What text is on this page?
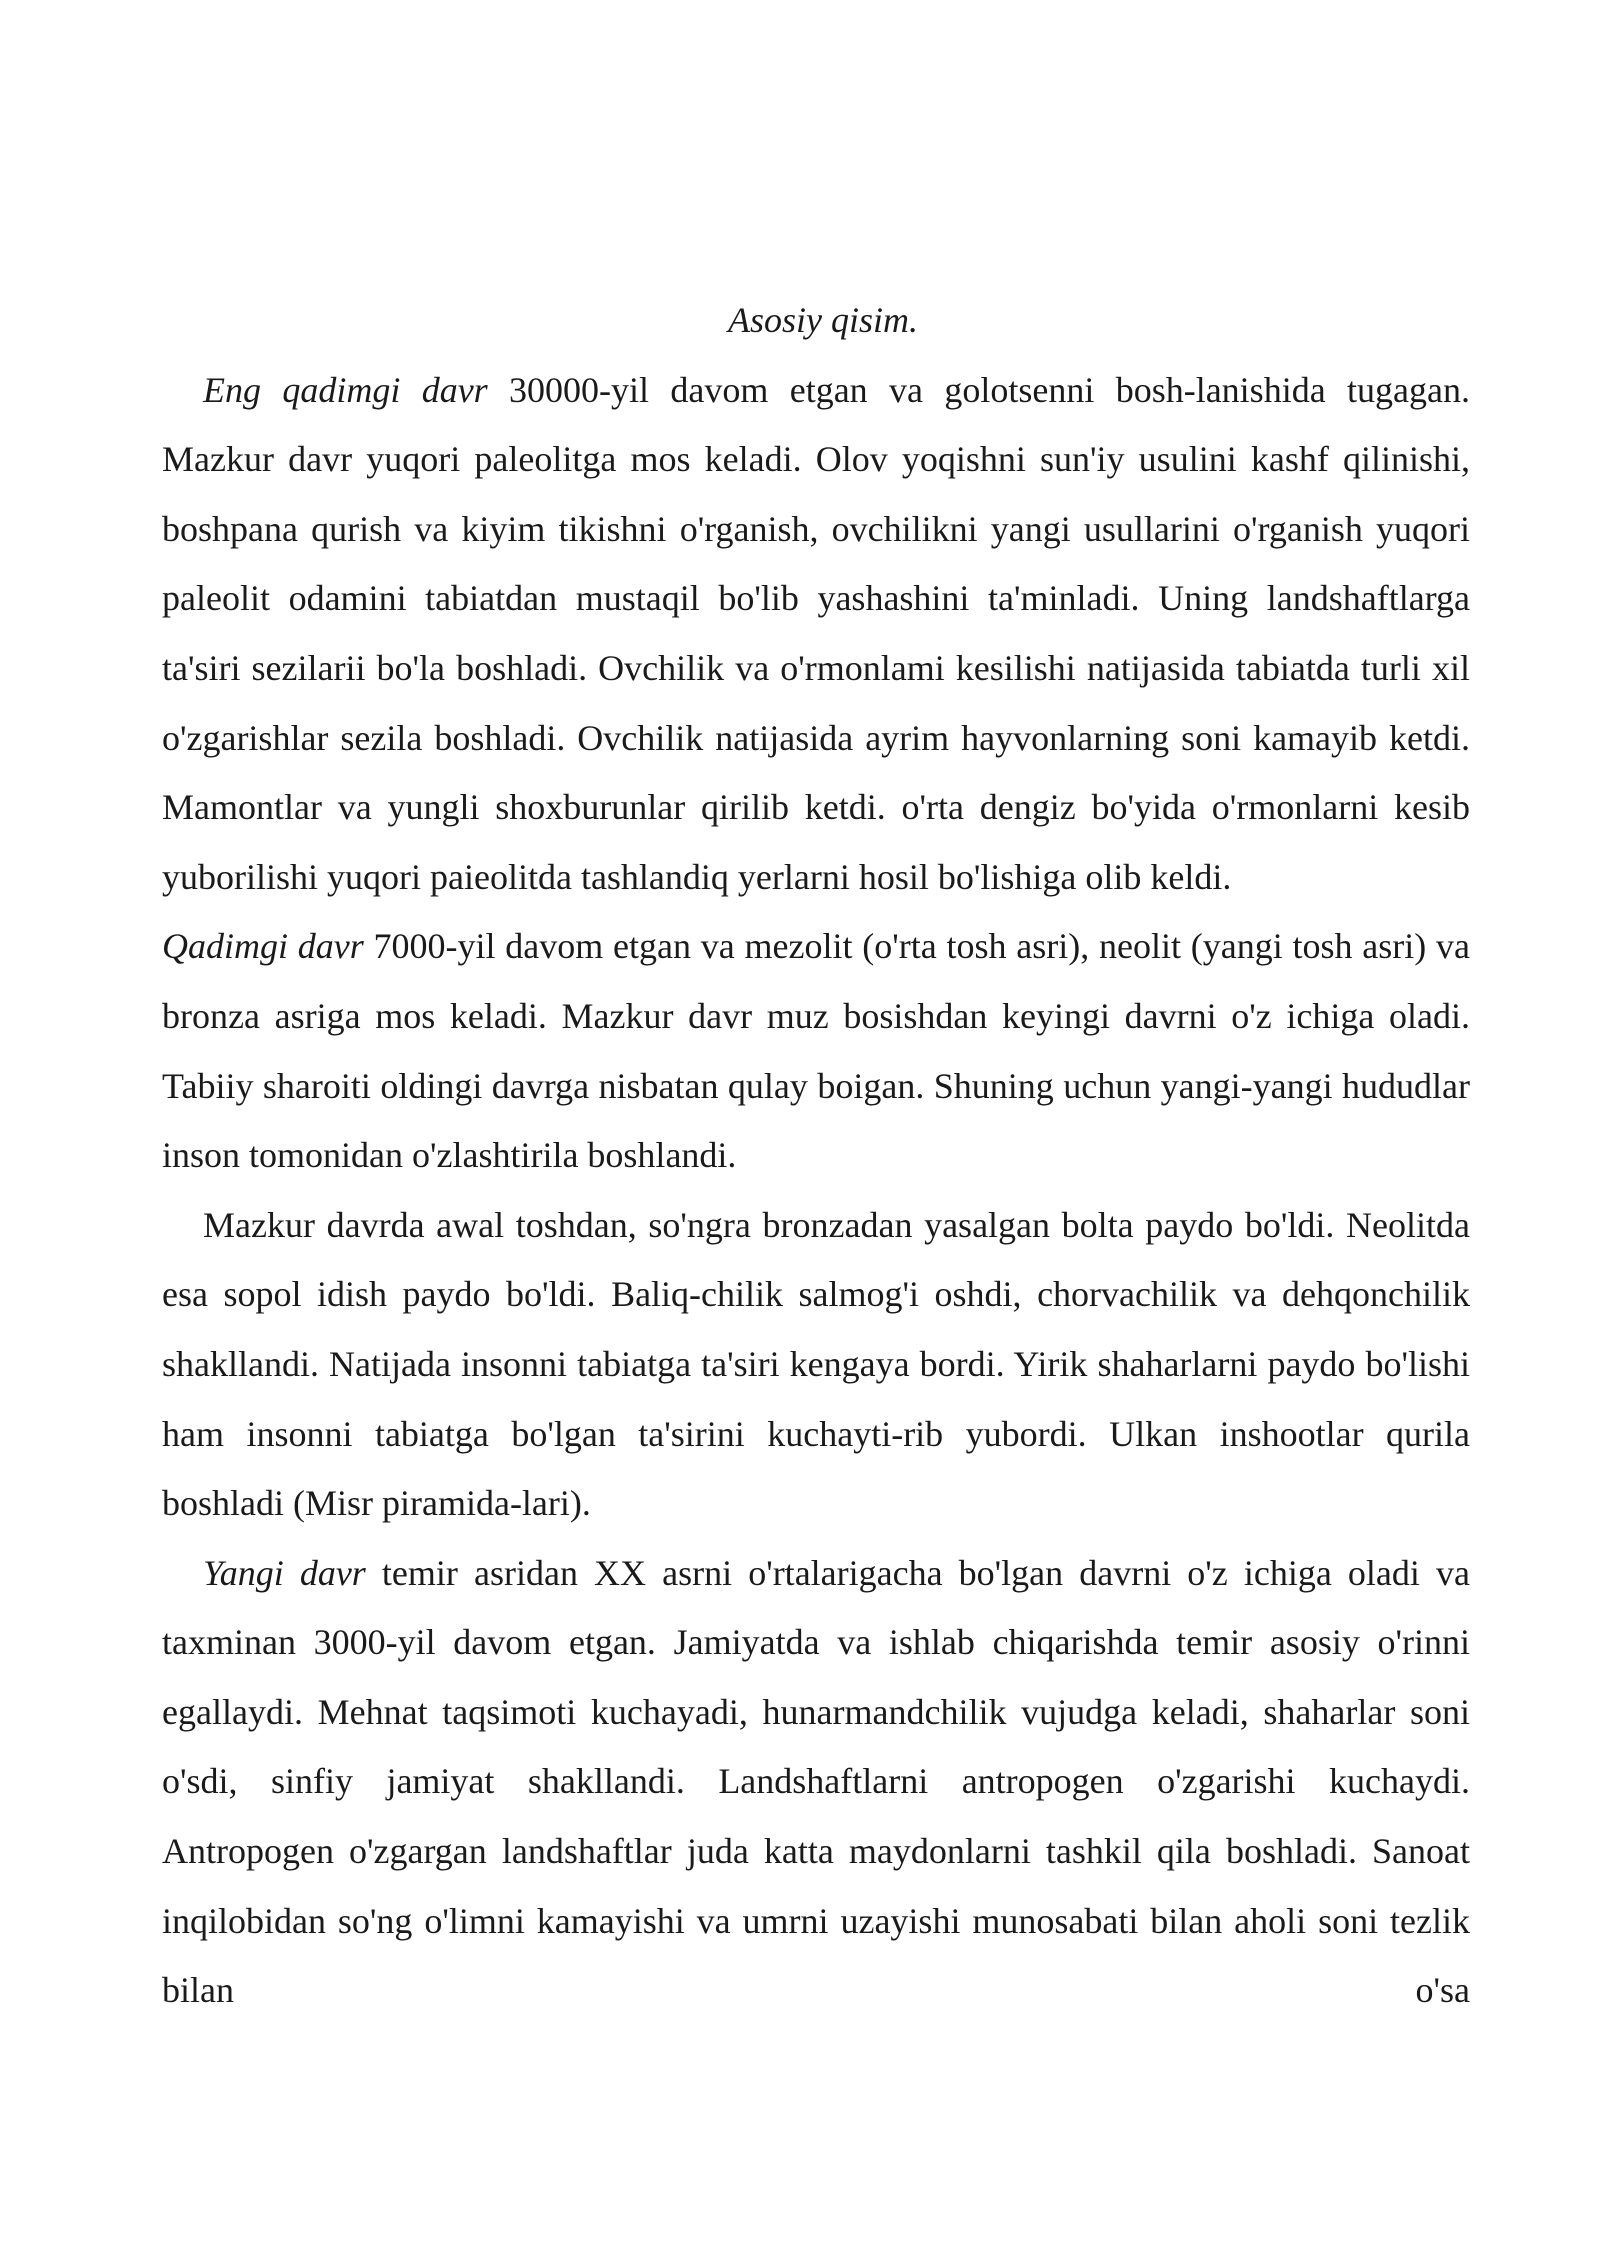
Asosiy qisim.

Eng qadimgi davr 30000-yil davom etgan va golotsenni bosh-lanishida tugagan. Mazkur davr yuqori paleolitga mos keladi. Olov yoqishni sun'iy usulini kashf qilinishi, boshpana qurish va kiyim tikishni o'rganish, ovchilikni yangi usullarini o'rganish yuqori paleolit odamini tabiatdan mustaqil bo'lib yashashini ta'minladi. Uning landshaftlarga ta'siri sezilarii bo'la boshladi. Ovchilik va o'rmonlami kesilishi natijasida tabiatda turli xil o'zgarishlar sezila boshladi. Ovchilik natijasida ayrim hayvonlarning soni kamayib ketdi. Mamontlar va yungli shoxburunlar qirilib ketdi. o'rta dengiz bo'yida o'rmonlarni kesib yuborilishi yuqori paieolitda tashlandiq yerlarni hosil bo'lishiga olib keldi.

Qadimgi davr 7000-yil davom etgan va mezolit (o'rta tosh asri), neolit (yangi tosh asri) va bronza asriga mos keladi. Mazkur davr muz bosishdan keyingi davrni o'z ichiga oladi. Tabiiy sharoiti oldingi davrga nisbatan qulay boigan. Shuning uchun yangi-yangi hududlar inson tomonidan o'zlashtirila boshlandi.

Mazkur davrda awal toshdan, so'ngra bronzadan yasalgan bolta paydo bo'ldi. Neolitda esa sopol idish paydo bo'ldi. Baliq-chilik salmog'i oshdi, chorvachilik va dehqonchilik shakllandi. Natijada insonni tabiatga ta'siri kengaya bordi. Yirik shaharlarni paydo bo'lishi ham insonni tabiatga bo'lgan ta'sirini kuchayti-rib yubordi. Ulkan inshootlar qurila boshladi (Misr piramida-lari).

Yangi davr temir asridan XX asrni o'rtalarigacha bo'lgan davrni o'z ichiga oladi va taxminan 3000-yil davom etgan. Jamiyatda va ishlab chiqarishda temir asosiy o'rinni egallaydi. Mehnat taqsimoti kuchayadi, hunarmandchilik vujudga keladi, shaharlar soni o'sdi, sinfiy jamiyat shakllandi. Landshaftlarni antropogen o'zgarishi kuchaydi. Antropogen o'zgargan landshaftlar juda katta maydonlarni tashkil qila boshladi. Sanoat inqilobidan so'ng o'limni kamayishi va umrni uzayishi munosabati bilan aholi soni tezlik bilan o'sa
